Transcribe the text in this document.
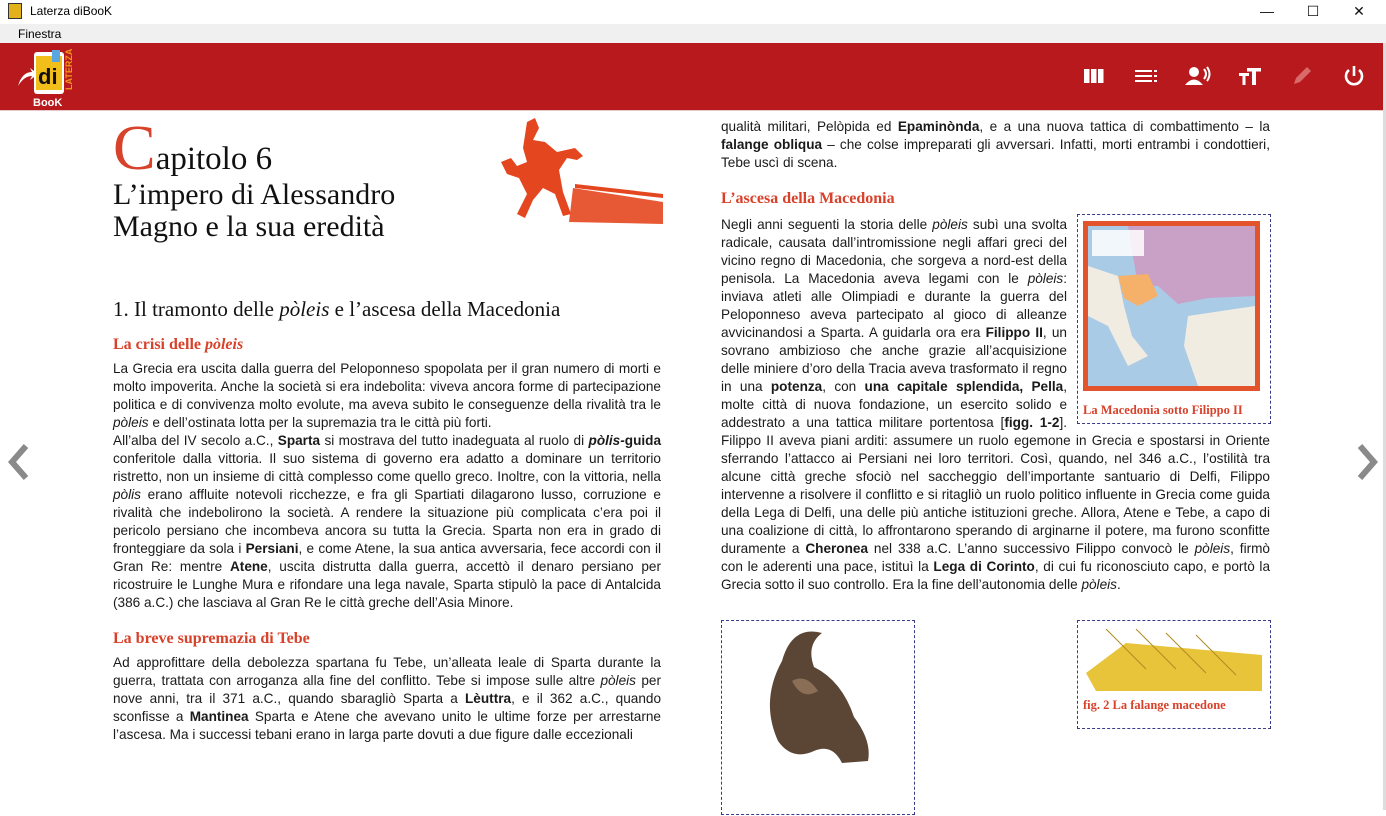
Laterza diBooK	—	☐	✕
Finestra
di
BooK
LATERZA
Capitolo 6
L’impero di Alessandro
Magno e la sua eredità
1. Il tramonto delle pòleis e l’ascesa della Macedonia
La crisi delle pòleis

La Grecia era uscita dalla guerra del Peloponneso spopolata per il gran numero di morti e molto impoverita. Anche la società si era indebolita: viveva ancora forme di partecipazione politica e di convivenza molto evolute, ma aveva subito le conseguenze della rivalità tra le pòleis e dell’ostinata lotta per la supremazia tra le città più forti.

All’alba del IV secolo a.C., Sparta si mostrava del tutto inadeguata al ruolo di pòlis-guida conferitole dalla vittoria. Il suo sistema di governo era adatto a dominare un territorio ristretto, non un insieme di città complesso come quello greco. Inoltre, con la vittoria, nella pòlis erano affluite notevoli ricchezze, e fra gli Spartiati dilagarono lusso, corruzione e rivalità che indebolirono la società. A rendere la situazione più complicata c’era poi il pericolo persiano che incombeva ancora su tutta la Grecia. Sparta non era in grado di fronteggiare da sola i Persiani, e come Atene, la sua antica avversaria, fece accordi con il Gran Re: mentre Atene, uscita distrutta dalla guerra, accettò il denaro persiano per ricostruire le Lunghe Mura e rifondare una lega navale, Sparta stipulò la pace di Antalcida (386 a.C.) che lasciava al Gran Re le città greche dell’Asia Minore.

La breve supremazia di Tebe

Ad approfittare della debolezza spartana fu Tebe, un’alleata leale di Sparta durante la guerra, trattata con arroganza alla fine del conflitto. Tebe si impose sulle altre pòleis per nove anni, tra il 371 a.C., quando sbaragliò Sparta a Lèuttra, e il 362 a.C., quando sconfisse a Mantinea Sparta e Atene che avevano unito le ultime forze per arrestarne l’ascesa. Ma i successi tebani erano in larga parte dovuti a due figure dalle eccezionali

qualità militari, Pelòpida ed Epaminònda, e a una nuova tattica di combattimento – la falange obliqua – che colse impreparati gli avversari. Infatti, morti entrambi i condottieri, Tebe uscì di scena.

L’ascesa della Macedonia
La Macedonia sotto Filippo II

Negli anni seguenti la storia delle pòleis subì una svolta radicale, causata dall’intromissione negli affari greci del vicino regno di Macedonia, che sorgeva a nord-est della penisola. La Macedonia aveva legami con le pòleis: inviava atleti alle Olimpiadi e durante la guerra del Peloponneso aveva partecipato al gioco di alleanze avvicinandosi a Sparta. A guidarla ora era Filippo II, un sovrano ambizioso che anche grazie all’acquisizione delle miniere d’oro della Tracia aveva trasformato il regno in una potenza, con una capitale splendida, Pella, molte città di nuova fondazione, un esercito solido e addestrato a una tattica militare portentosa [figg. 1-2]. Filippo II aveva piani arditi: assumere un ruolo egemone in Grecia e spostarsi in Oriente sferrando l’attacco ai Persiani nei loro territori. Così, quando, nel 346 a.C., l’ostilità tra alcune città greche sfociò nel saccheggio dell’importante santuario di Delfi, Filippo intervenne a risolvere il conflitto e si ritagliò un ruolo politico influente in Grecia come guida della Lega di Delfi, una delle più antiche istituzioni greche. Allora, Atene e Tebe, a capo di una coalizione di città, lo affrontarono sperando di arginarne il potere, ma furono sconfitte duramente a Cheronea nel 338 a.C. L’anno successivo Filippo convocò le pòleis, firmò con le aderenti una pace, istituì la Lega di Corinto, di cui fu riconosciuto capo, e portò la Grecia sotto il suo controllo. Era la fine dell’autonomia delle pòleis.

fig. 2 La falange macedone
